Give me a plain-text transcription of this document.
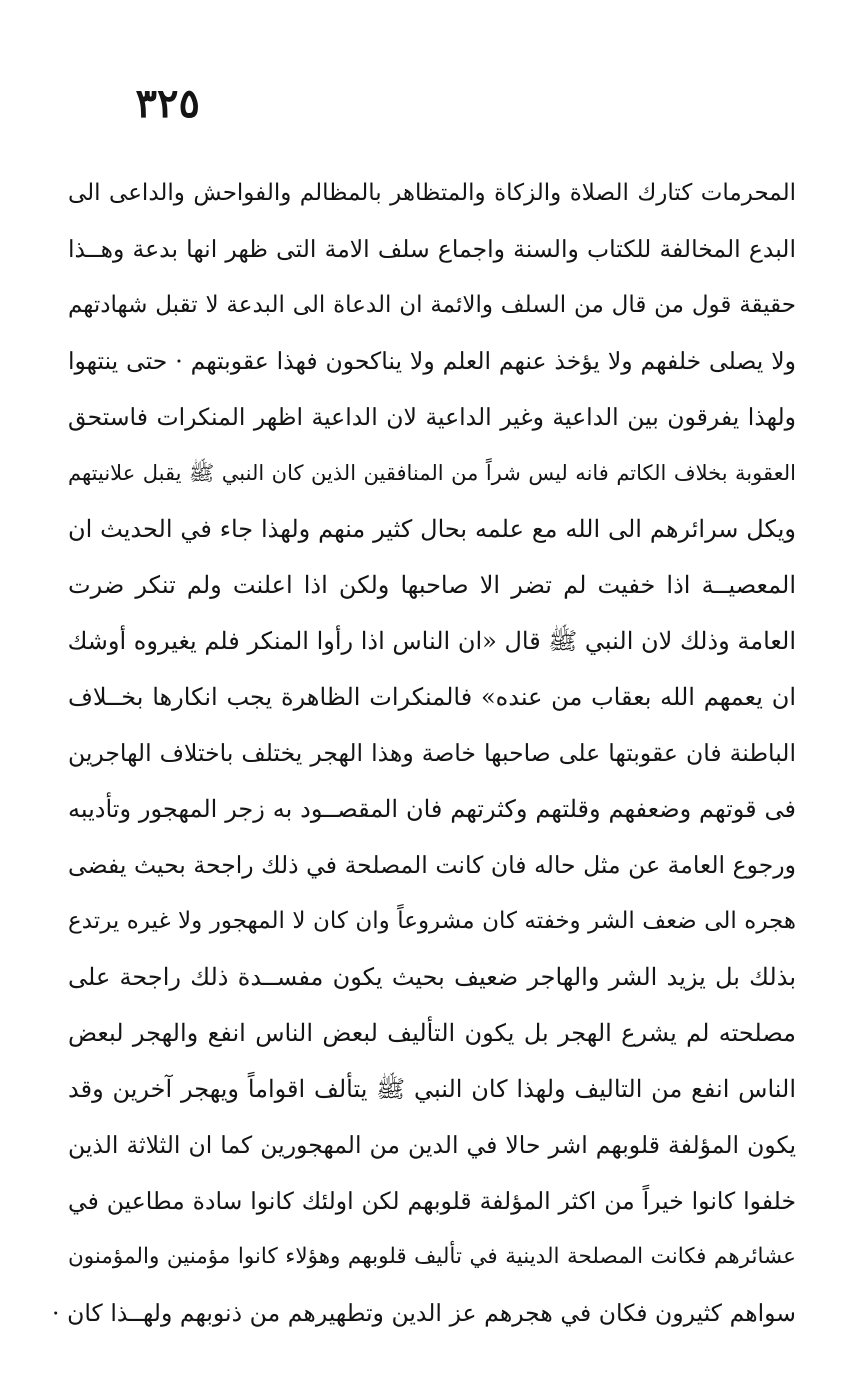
٣٢٥
المحرمات كتارك الصلاة والزكاة والمتظاهر بالمظالم والفواحش والداعى الى
البدع المخالفة للكتاب والسنة واجماع سلف الامة التى ظهر انها بدعة وهــذا
حقيقة قول من قال من السلف والائمة ان الدعاة الى البدعة لا تقبل شهادتهم
ولا يصلى خلفهم ولا يؤخذ عنهم العلم ولا يناكحون فهذا عقوبتهم · حتى ينتهوا
ولهذا يفرقون بين الداعية وغير الداعية لان الداعية اظهر المنكرات فاستحق
العقوبة بخلاف الكاتم فانه ليس شراً من المنافقين الذين كان النبي ﷺ يقبل علانيتهم
ويكل سرائرهم الى الله مع علمه بحال كثير منهم ولهذا جاء في الحديث ان
المعصيــة اذا خفيت لم تضر الا صاحبها ولكن اذا اعلنت ولم تنكر ضرت
العامة وذلك لان النبي ﷺ قال «ان الناس اذا رأوا المنكر فلم يغيروه أوشك
ان يعمهم الله بعقاب من عنده» فالمنكرات الظاهرة يجب انكارها بخــلاف
الباطنة فان عقوبتها على صاحبها خاصة وهذا الهجر يختلف باختلاف الهاجرين
فى قوتهم وضعفهم وقلتهم وكثرتهم فان المقصــود به زجر المهجور وتأديبه
ورجوع العامة عن مثل حاله فان كانت المصلحة في ذلك راجحة بحيث يفضى
هجره الى ضعف الشر وخفته كان مشروعاً وان كان لا المهجور ولا غيره يرتدع
بذلك بل يزيد الشر والهاجر ضعيف بحيث يكون مفســدة ذلك راجحة على
مصلحته لم يشرع الهجر بل يكون التأليف لبعض الناس انفع والهجر لبعض
الناس انفع من التاليف ولهذا كان النبي ﷺ يتألف اقواماً ويهجر آخرين وقد
يكون المؤلفة قلوبهم اشر حالا في الدين من المهجورين كما ان الثلاثة الذين
خلفوا كانوا خيراً من اكثر المؤلفة قلوبهم لكن اولئك كانوا سادة مطاعين في
عشائرهم فكانت المصلحة الدينية في تأليف قلوبهم وهؤلاء كانوا مؤمنين والمؤمنون
سواهم كثيرون فكان في هجرهم عز الدين وتطهيرهم من ذنوبهم ولهــذا كان ·
